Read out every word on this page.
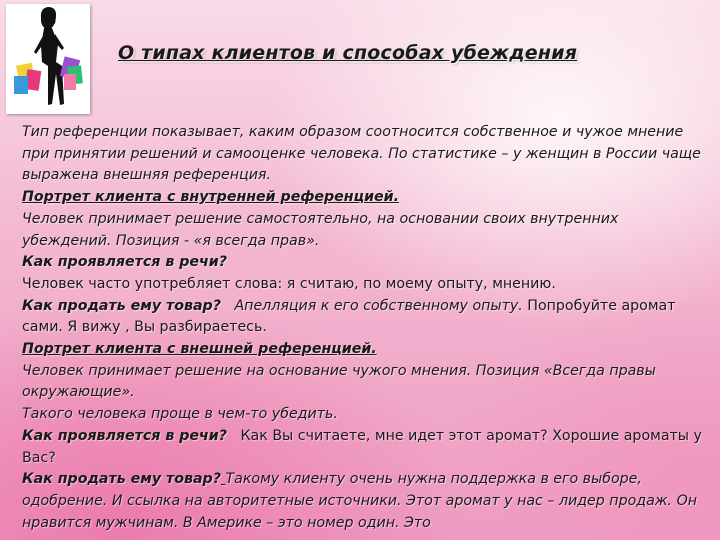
О типах клиентов и способах убеждения

Тип референции показывает, каким образом соотносится собственное и чужое мнение при принятии решений и самооценке человека. По статистике – у женщин в России чаще выражена внешняя референция.

Портрет клиента с внутренней референцией.

Человек принимает решение самостоятельно, на основании своих внутренних убеждений. Позиция - «я всегда прав».

Как проявляется в речи?

Человек часто употребляет слова: я считаю, по моему опыту, мнению.

Как продать ему товар?   Апелляция к его собственному опыту. Попробуйте аромат сами. Я вижу , Вы разбираетесь.

Портрет клиента с внешней референцией.

Человек принимает решение на основание чужого мнения. Позиция «Всегда правы окружающие».

Такого человека проще в чем-то убедить.

Как проявляется в речи?   Как Вы считаете, мне идет этот аромат? Хорошие ароматы у Вас?

Как продать ему товар? Такому клиенту очень нужна поддержка в его выборе, одобрение. И ссылка на авторитетные источники. Этот аромат у нас – лидер продаж. Он нравится мужчинам. В Америке – это номер один. Это
